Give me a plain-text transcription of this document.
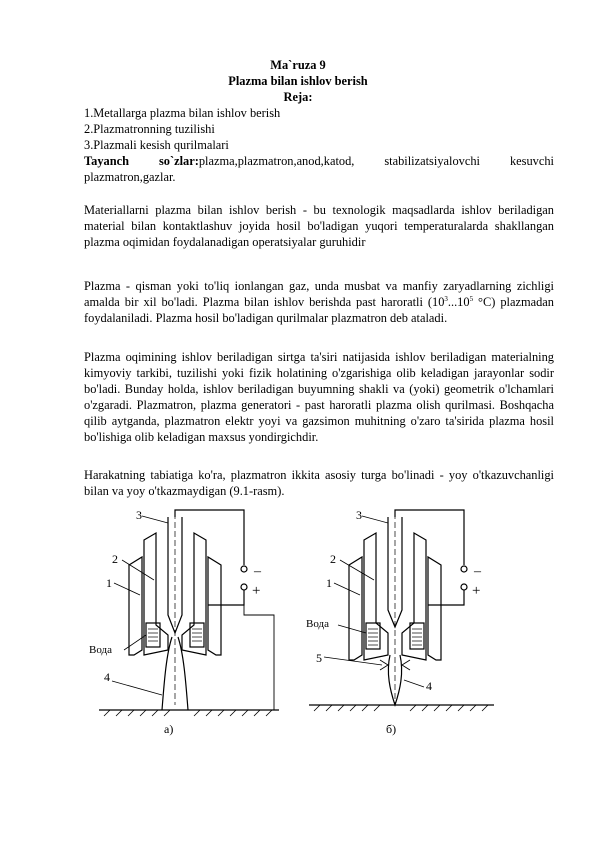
Ma`ruza 9
Plazma bilan ishlov berish
Reja:
1.Metallarga plazma bilan ishlov berish
2.Plazmatronning tuzilishi
3.Plazmali kesish qurilmalari
Tayanch so`zlar:plazma,plazmatron,anod,katod, stabilizatsiyalovchi kesuvchi plazmatron,gazlar.
Materiallarni plazma bilan ishlov berish - bu texnologik maqsadlarda ishlov beriladigan material bilan kontaktlashuv joyida hosil bo'ladigan yuqori temperaturalarda shakllangan plazma oqimidan foydalanadigan operatsiyalar guruhidir
Plazma - qisman yoki to'liq ionlangan gaz, unda musbat va manfiy zaryadlarning zichligi amalda bir xil bo'ladi. Plazma bilan ishlov berishda past haroratli ($10^3...10^5$ °C) plazmadan foydalaniladi. Plazma hosil bo'ladigan qurilmalar plazmatron deb ataladi.
Plazma oqimining ishlov beriladigan sirtga ta'siri natijasida ishlov beriladigan materialning kimyoviy tarkibi, tuzilishi yoki fizik holatining o'zgarishiga olib keladigan jarayonlar sodir bo'ladi. Bunday holda, ishlov beriladigan buyumning shakli va (yoki) geometrik o'lchamlari o'zgaradi. Plazmatron, plazma generatori - past haroratli plazma olish qurilmasi. Boshqacha qilib aytganda, plazmatron elektr yoyi va gazsimon muhitning o'zaro ta'sirida plazma hosil bo'lishiga olib keladigan maxsus yondirgichdir.
Harakatning tabiatiga ko'ra, plazmatron ikkita asosiy turga bo'linadi - yoy o'tkazuvchanligi bilan va yoy o'tkazmaydigan (9.1-rasm).
3
2
1
Вода
4
–
+
а)
3
2
1
Вода
5
4
–
+
б)
